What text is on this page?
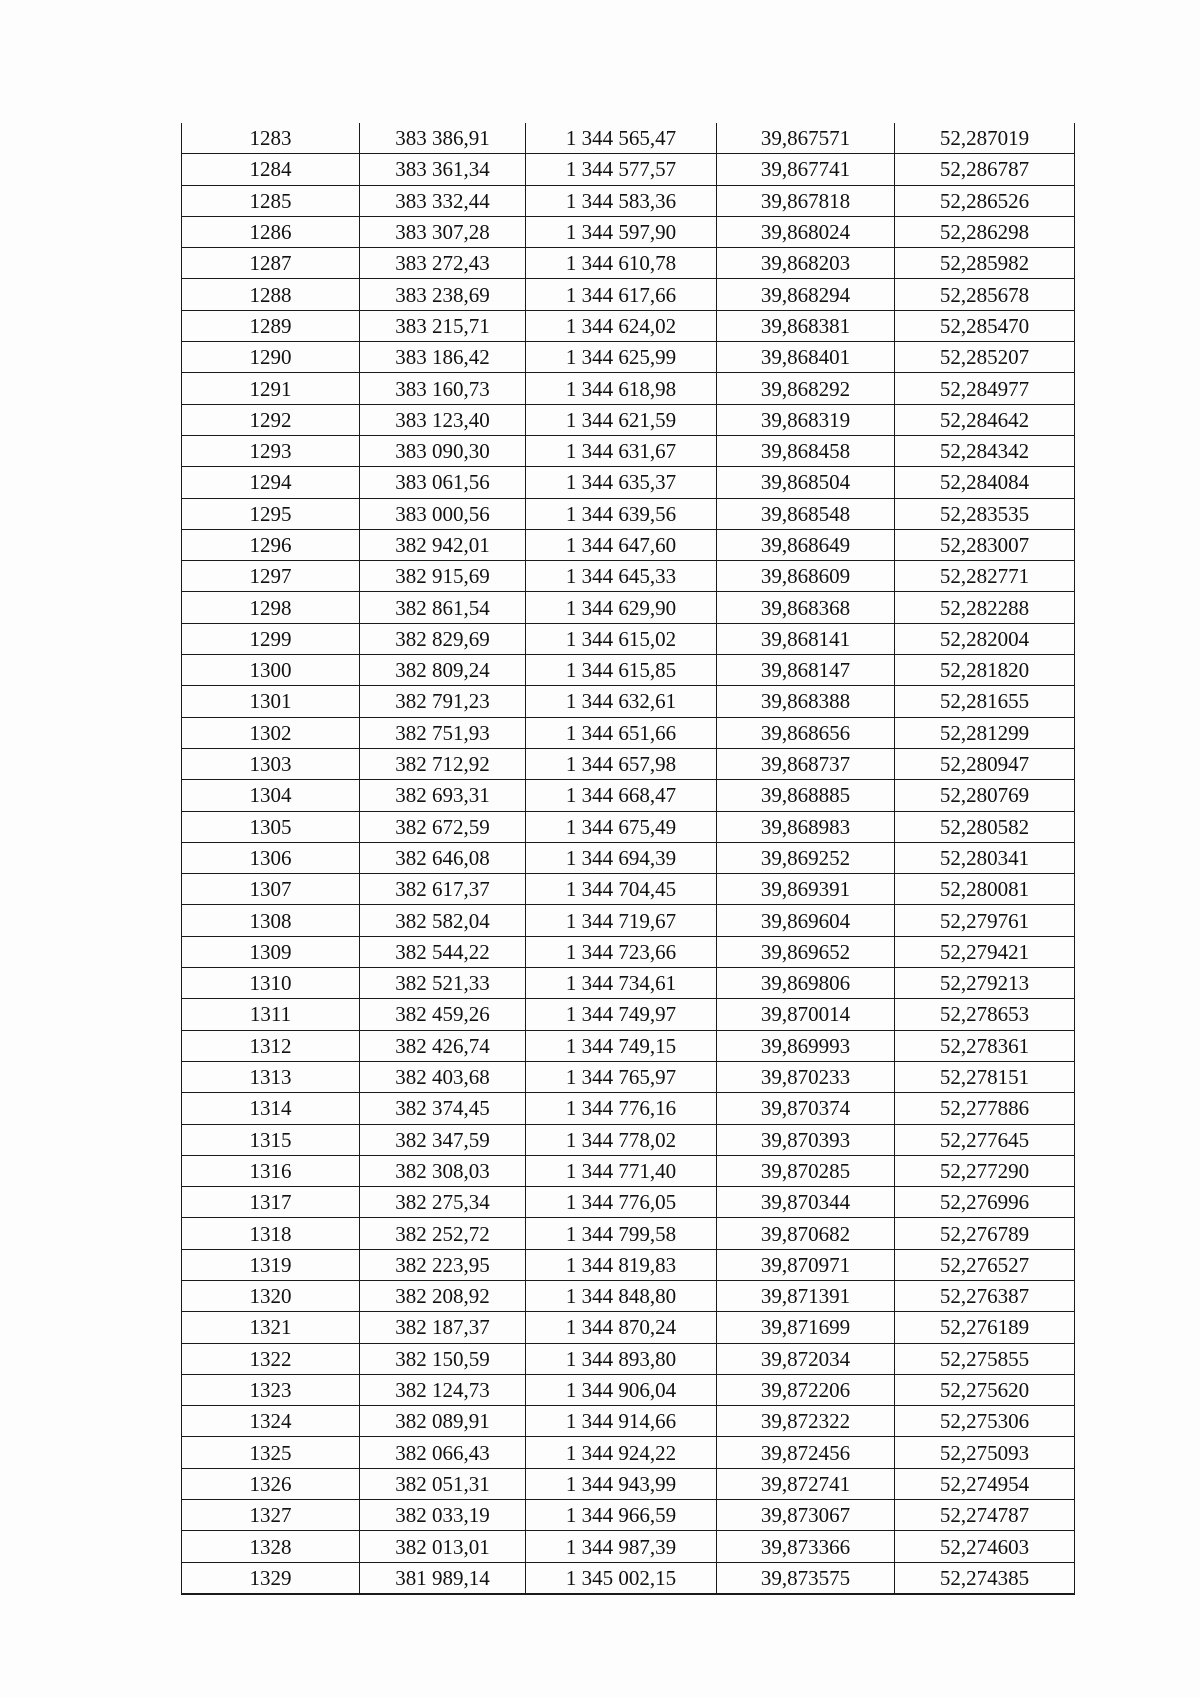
1283	383 386,91	1 344 565,47	39,867571	52,287019
1284	383 361,34	1 344 577,57	39,867741	52,286787
1285	383 332,44	1 344 583,36	39,867818	52,286526
1286	383 307,28	1 344 597,90	39,868024	52,286298
1287	383 272,43	1 344 610,78	39,868203	52,285982
1288	383 238,69	1 344 617,66	39,868294	52,285678
1289	383 215,71	1 344 624,02	39,868381	52,285470
1290	383 186,42	1 344 625,99	39,868401	52,285207
1291	383 160,73	1 344 618,98	39,868292	52,284977
1292	383 123,40	1 344 621,59	39,868319	52,284642
1293	383 090,30	1 344 631,67	39,868458	52,284342
1294	383 061,56	1 344 635,37	39,868504	52,284084
1295	383 000,56	1 344 639,56	39,868548	52,283535
1296	382 942,01	1 344 647,60	39,868649	52,283007
1297	382 915,69	1 344 645,33	39,868609	52,282771
1298	382 861,54	1 344 629,90	39,868368	52,282288
1299	382 829,69	1 344 615,02	39,868141	52,282004
1300	382 809,24	1 344 615,85	39,868147	52,281820
1301	382 791,23	1 344 632,61	39,868388	52,281655
1302	382 751,93	1 344 651,66	39,868656	52,281299
1303	382 712,92	1 344 657,98	39,868737	52,280947
1304	382 693,31	1 344 668,47	39,868885	52,280769
1305	382 672,59	1 344 675,49	39,868983	52,280582
1306	382 646,08	1 344 694,39	39,869252	52,280341
1307	382 617,37	1 344 704,45	39,869391	52,280081
1308	382 582,04	1 344 719,67	39,869604	52,279761
1309	382 544,22	1 344 723,66	39,869652	52,279421
1310	382 521,33	1 344 734,61	39,869806	52,279213
1311	382 459,26	1 344 749,97	39,870014	52,278653
1312	382 426,74	1 344 749,15	39,869993	52,278361
1313	382 403,68	1 344 765,97	39,870233	52,278151
1314	382 374,45	1 344 776,16	39,870374	52,277886
1315	382 347,59	1 344 778,02	39,870393	52,277645
1316	382 308,03	1 344 771,40	39,870285	52,277290
1317	382 275,34	1 344 776,05	39,870344	52,276996
1318	382 252,72	1 344 799,58	39,870682	52,276789
1319	382 223,95	1 344 819,83	39,870971	52,276527
1320	382 208,92	1 344 848,80	39,871391	52,276387
1321	382 187,37	1 344 870,24	39,871699	52,276189
1322	382 150,59	1 344 893,80	39,872034	52,275855
1323	382 124,73	1 344 906,04	39,872206	52,275620
1324	382 089,91	1 344 914,66	39,872322	52,275306
1325	382 066,43	1 344 924,22	39,872456	52,275093
1326	382 051,31	1 344 943,99	39,872741	52,274954
1327	382 033,19	1 344 966,59	39,873067	52,274787
1328	382 013,01	1 344 987,39	39,873366	52,274603
1329	381 989,14	1 345 002,15	39,873575	52,274385
